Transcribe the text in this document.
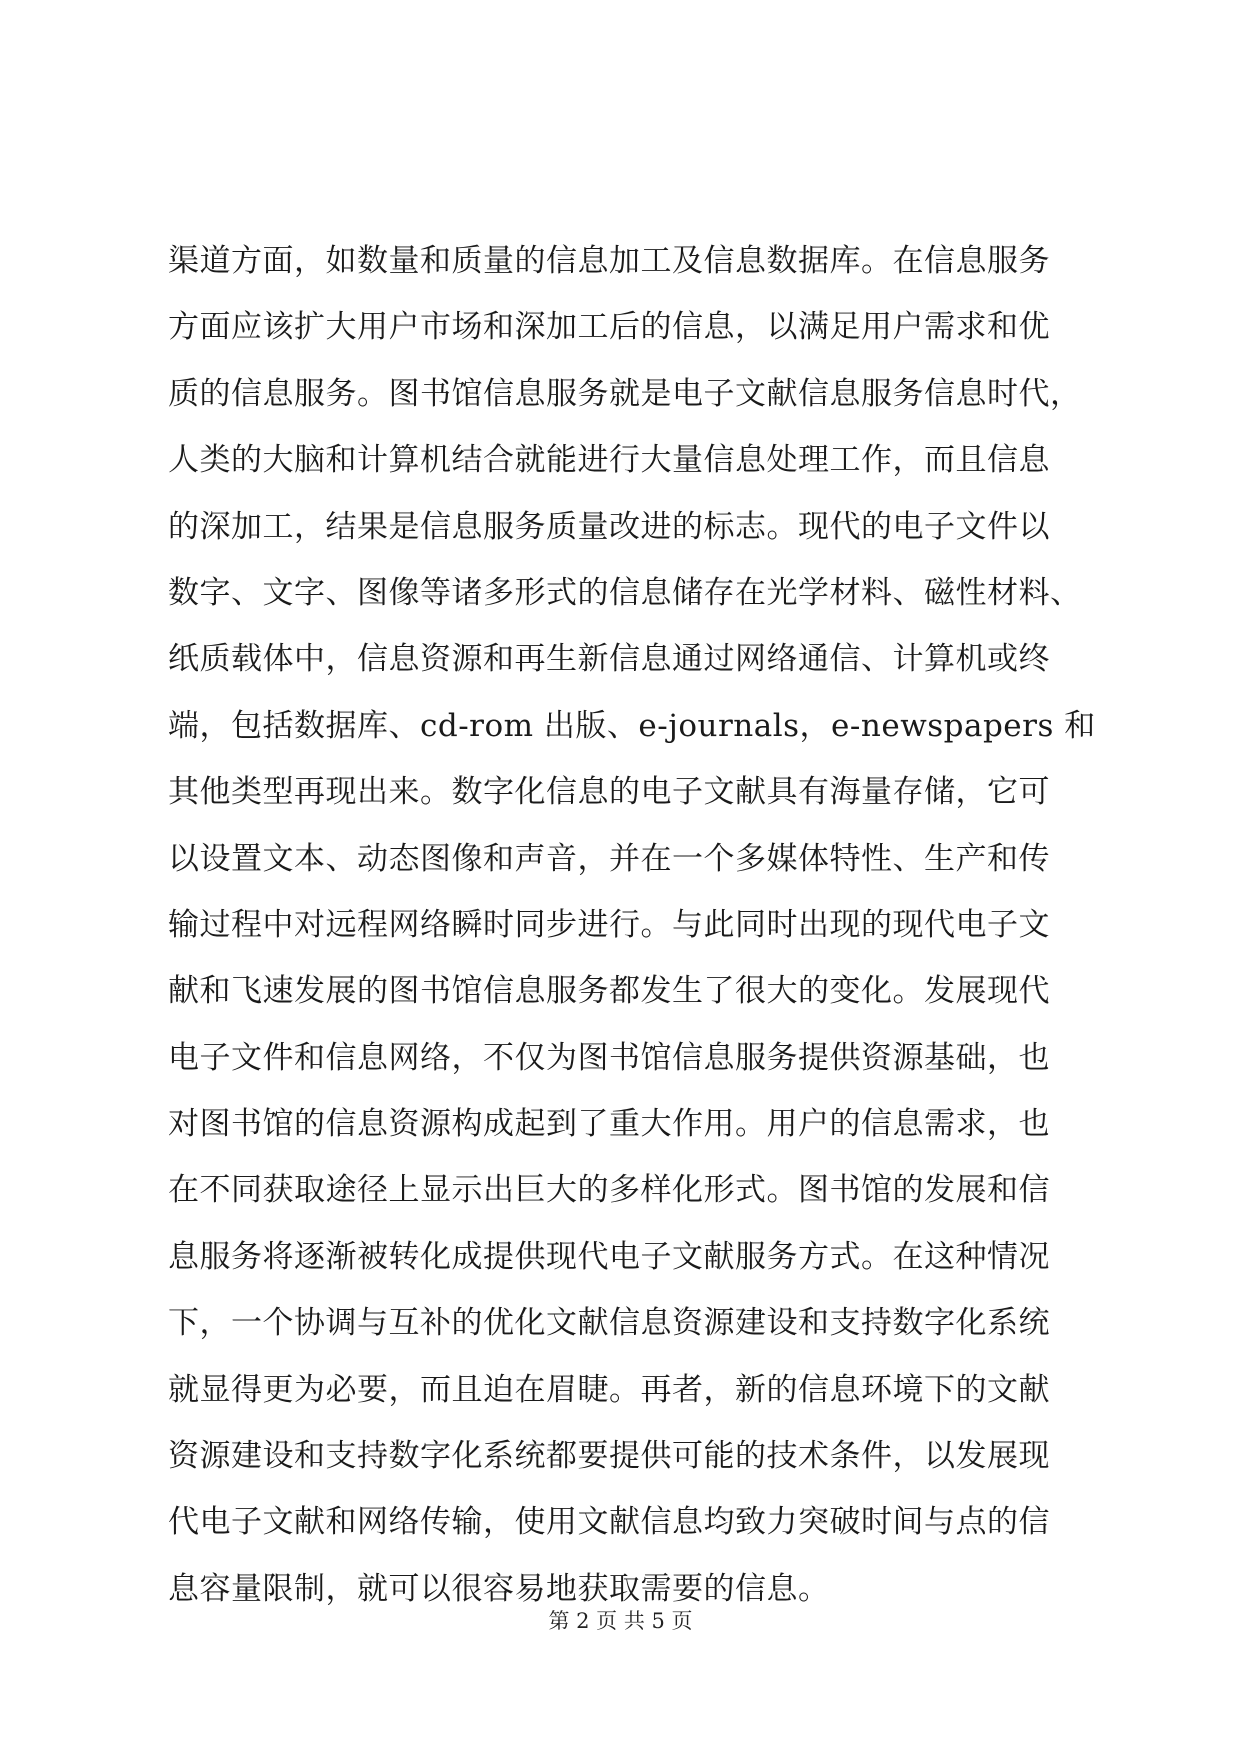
渠道方面，如数量和质量的信息加工及信息数据库。在信息服务
方面应该扩大用户市场和深加工后的信息，以满足用户需求和优
质的信息服务。图书馆信息服务就是电子文献信息服务信息时代，
人类的大脑和计算机结合就能进行大量信息处理工作，而且信息
的深加工，结果是信息服务质量改进的标志。现代的电子文件以
数字、文字、图像等诸多形式的信息储存在光学材料、磁性材料、
纸质载体中，信息资源和再生新信息通过网络通信、计算机或终
端，包括数据库、cd-rom 出版、e-journals，e-newspapers 和
其他类型再现出来。数字化信息的电子文献具有海量存储，它可
以设置文本、动态图像和声音，并在一个多媒体特性、生产和传
输过程中对远程网络瞬时同步进行。与此同时出现的现代电子文
献和飞速发展的图书馆信息服务都发生了很大的变化。发展现代
电子文件和信息网络，不仅为图书馆信息服务提供资源基础，也
对图书馆的信息资源构成起到了重大作用。用户的信息需求，也
在不同获取途径上显示出巨大的多样化形式。图书馆的发展和信
息服务将逐渐被转化成提供现代电子文献服务方式。在这种情况
下，一个协调与互补的优化文献信息资源建设和支持数字化系统
就显得更为必要，而且迫在眉睫。再者，新的信息环境下的文献
资源建设和支持数字化系统都要提供可能的技术条件，以发展现
代电子文献和网络传输，使用文献信息均致力突破时间与点的信
息容量限制，就可以很容易地获取需要的信息。
第 2 页 共 5 页
